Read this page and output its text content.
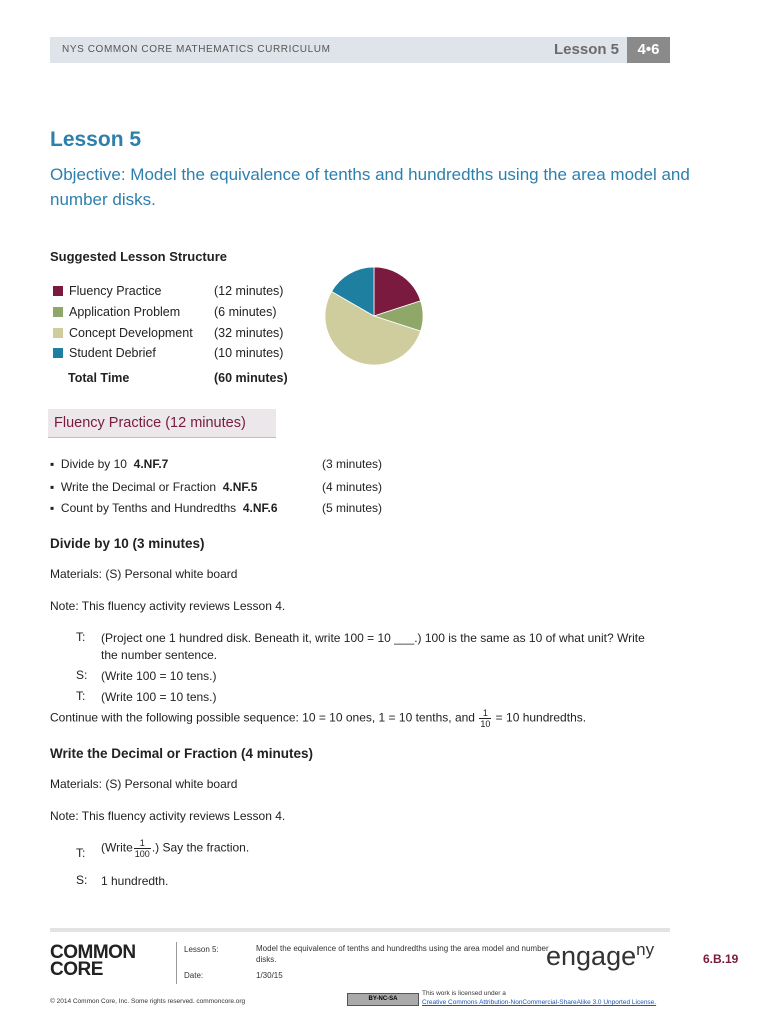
NYS COMMON CORE MATHEMATICS CURRICULUM	Lesson 5	4•6
Lesson 5
Objective: Model the equivalence of tenths and hundredths using the area model and number disks.
Suggested Lesson Structure
Fluency Practice	(12 minutes)
Application Problem	(6 minutes)
Concept Development (32 minutes)
Student Debrief	(10 minutes)
Total Time	(60 minutes)
Fluency Practice (12 minutes)
▪  Divide by 10 4.NF.7	(3 minutes)
▪  Write the Decimal or Fraction 4.NF.5	(4 minutes)
▪  Count by Tenths and Hundredths 4.NF.6	(5 minutes)
Divide by 10 (3 minutes)
Materials: (S) Personal white board
Note: This fluency activity reviews Lesson 4.
T: (Project one 1 hundred disk. Beneath it, write 100 = 10 ___.) 100 is the same as 10 of what unit? Write the number sentence.
S: (Write 100 = 10 tens.)
T: (Write 100 = 10 tens.)
Continue with the following possible sequence: 10 = 10 ones, 1 = 10 tenths, and $\frac{1}{10} = 10$ hundredths.
Write the Decimal or Fraction (4 minutes)
Materials: (S) Personal white board
Note: This fluency activity reviews Lesson 4.
T: (Write $\frac{1}{100}$ .) Say the fraction.
S: 1 hundredth.
COMMON
CORE
Lesson 5:	Model the equivalence of tenths and hundredths using the area model and number disks.
Date:	1/30/15
engage$^{ny}$	6.B.19
© 2014 Common Core, Inc. Some rights reserved. commoncore.org	BY-NC-SA
This work is licensed under a
Creative Commons Attribution-NonCommercial-ShareAlike 3.0 Unported License.
